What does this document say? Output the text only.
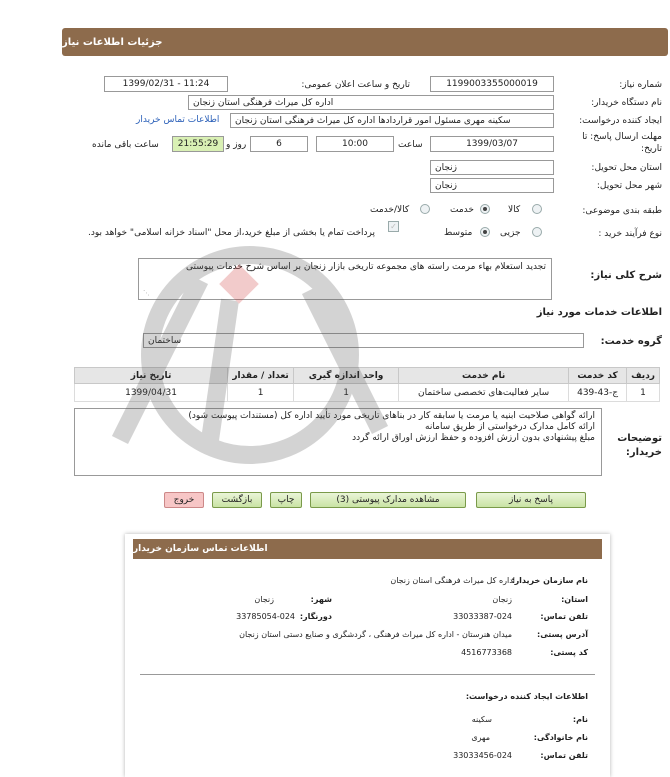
جزئیات اطلاعات نیاز
شماره نیاز:
1199003355000019
تاریخ و ساعت اعلان عمومی:
1399/02/31 - 11:24
نام دستگاه خریدار:
اداره کل میراث فرهنگی استان زنجان
ایجاد کننده درخواست:
سکینه مهری مسئول امور قراردادها اداره کل میراث فرهنگی استان زنجان
اطلاعات تماس خریدار
مهلت ارسال پاسخ: تا تاریخ:
1399/03/07
ساعت
10:00
6
روز و
21:55:29
ساعت باقی مانده
استان محل تحویل:
زنجان
شهر محل تحویل:
زنجان
طبقه بندی موضوعی:
کالا
خدمت
کالا/خدمت
نوع فرآیند خرید :
جزیی
متوسط
✓
پرداخت تمام یا بخشی از مبلغ خرید،از محل "اسناد خزانه اسلامی" خواهد بود.
شرح کلی نیاز:
تجدید استعلام بهاء مرمت راسته های مجموعه تاریخی بازار زنجان بر اساس شرح خدمات پیوستی
⋰
اطلاعات خدمات مورد نیاز
گروه خدمت:
ساختمان
ردیف	کد خدمت	نام خدمت	واحد اندازه گیری	تعداد / مقدار	تاریخ نیاز
1	ج-43-439	سایر فعالیت‌های تخصصی ساختمان	1	1	1399/04/31
توضیحات خریدار:
ارائه گواهی صلاحیت ابنیه یا مرمت یا سابقه کار در بناهای تاریخی مورد تأیید اداره کل (مستندات پیوست شود)
ارائه کامل مدارک درخواستی از طریق سامانه
مبلغ پیشنهادی بدون ارزش افزوده و حفظ ارزش اوراق ارائه گردد
پاسخ به نیاز
مشاهده مدارک پیوستی (3)
چاپ
بازگشت
خروج
اطلاعات تماس سازمان خریدار
نام سازمان خریدار:
اداره کل میراث فرهنگی استان زنجان
استان:
زنجان
شهر:
زنجان
تلفن تماس:
33033387-024
دورنگار:
33785054-024
آدرس پستی:
میدان هنرستان - اداره کل میراث فرهنگی ، گردشگری و صنایع دستی استان زنجان
کد پستی:
4516773368
اطلاعات ایجاد کننده درخواست:
نام:
سکینه
نام خانوادگی:
مهری
تلفن تماس:
33033456-024
